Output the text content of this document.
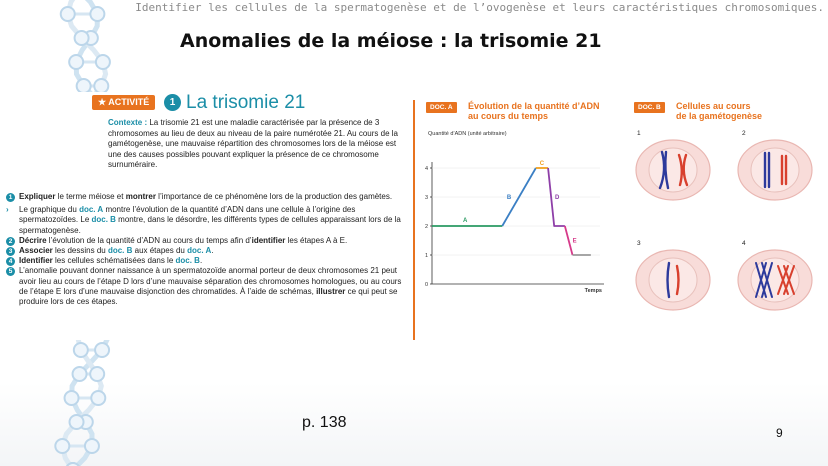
Identifier les cellules de la spermatogenèse et de l’ovogenèse et leurs caractéristiques chromosomiques.
Anomalies de la méiose : la trisomie 21
★ ACTIVITÉ	1 La trisomie 21
Contexte : La trisomie 21 est une maladie caractérisée par la présence de 3 chromosomes au lieu de deux au niveau de la paire numérotée 21. Au cours de la gamétogenèse, une mauvaise répartition des chromosomes lors de la méiose est une des causes possibles pouvant expliquer la présence de ce chromosome surnuméraire.
1 Expliquer le terme méiose et montrer l’importance de ce phénomène lors de la production des gamètes.
› Le graphique du doc. A montre l’évolution de la quantité d’ADN dans une cellule à l’origine des spermatozoïdes. Le doc. B montre, dans le désordre, les différents types de cellules apparaissant lors de la spermatogenèse.
2 Décrire l’évolution de la quantité d’ADN au cours du temps afin d’identifier les étapes A à E.
3 Associer les dessins du doc. B aux étapes du doc. A.
4 Identifier les cellules schématisées dans le doc. B.
5 L’anomalie pouvant donner naissance à un spermatozoïde anormal porteur de deux chromosomes 21 peut avoir lieu au cours de l’étape D lors d’une mauvaise séparation des chromosomes homologues, ou au cours de l’étape E lors d’une mauvaise disjonction des chromatides. À l’aide de schémas, illustrer ce qui peut se produire lors de ces étapes.
DOC. A	Évolution de la quantité d’ADN
au cours du temps
Quantité d’ADN (unité arbitraire)
0
1
2
3
4
Temps
A
B
C
D
E
DOC. B	Cellules au cours
de la gamétogenèse
1	2
3	4
p. 138
9
